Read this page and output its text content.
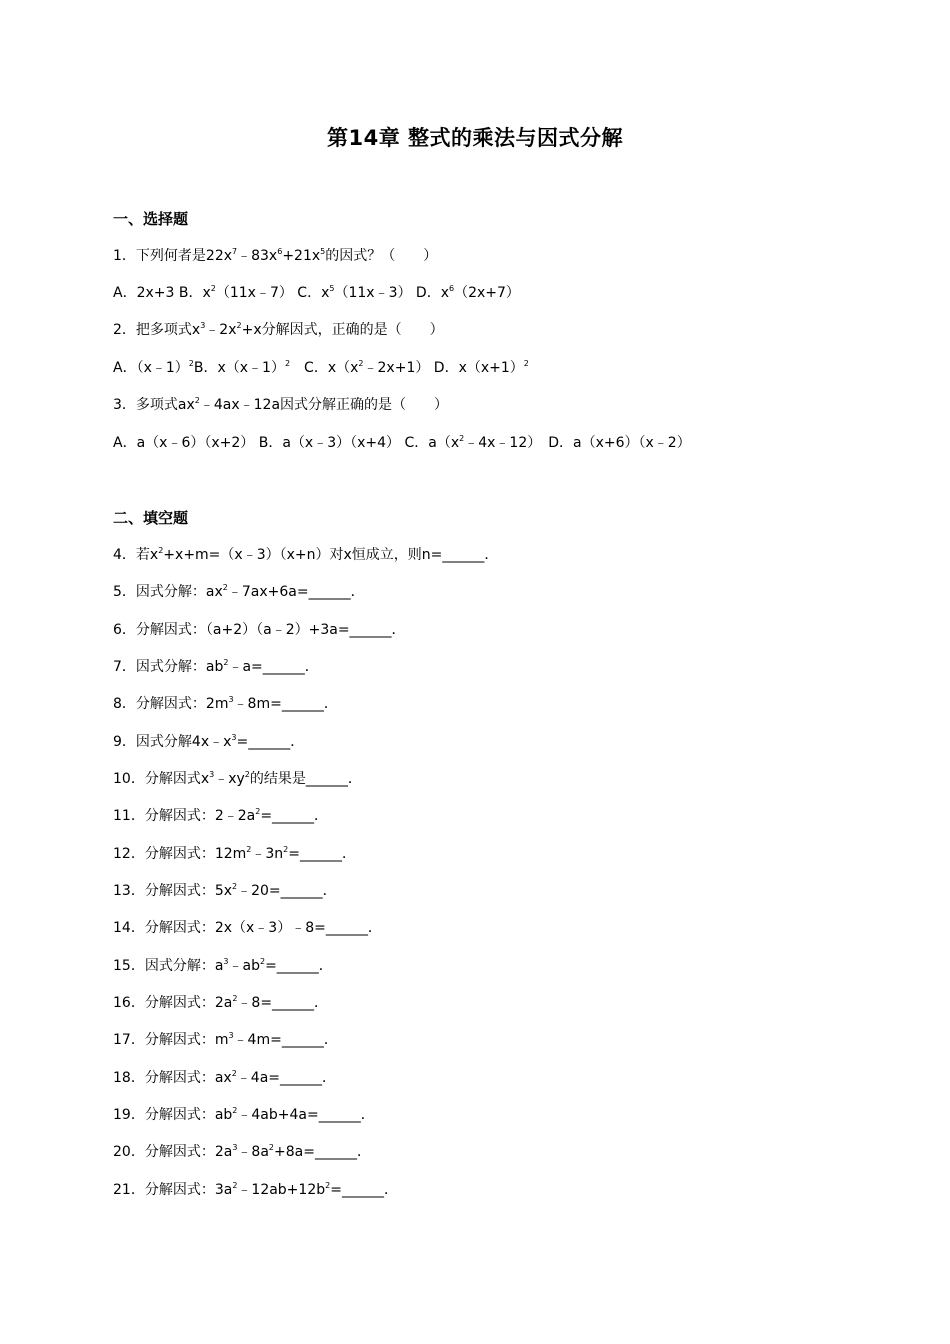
第14章 整式的乘法与因式分解
一、选择题
1．下列何者是$22x^7﹣83x^6+21x^5$的因式？（　　）
A．2x+3 B．$x^2(11x﹣7)$ C．$x^5(11x﹣3)$ D．$x^6(2x+7)$
2．把多项式$x^3﹣2x^2+x$分解因式，正确的是（　　）
A．（x﹣1）$^2$B．x（x﹣1）$^2$　C．$x(x^2﹣2x+1)$ D．$x(x+1)^2$
3．多项式$ax^2﹣4ax﹣12a$因式分解正确的是（　　）
A．a（x﹣6）（x+2） B．a（x﹣3）（x+4） C．$a(x^2﹣4x﹣12)$　D．a（x+6）（x﹣2）
二、填空题
4．若$x^2+x+m=(x﹣3)(x+n)$对x恒成立，则n=______．
5．因式分解：$ax^2﹣7ax+6a=\_\_\_\_\_\_$．
6．分解因式：（a+2）（a﹣2）+3a=______．
7．因式分解：$ab^2﹣a=\_\_\_\_\_\_$．
8．分解因式：$2m^3﹣8m=\_\_\_\_\_\_$．
9．因式分解$4x﹣x^3=\_\_\_\_\_\_$．
10．分解因式$x^3﹣xy^2$的结果是______．
11．分解因式：$2﹣2a^2=\_\_\_\_\_\_$．
12．分解因式：$12m^2﹣3n^2=\_\_\_\_\_\_$．
13．分解因式：$5x^2﹣20=\_\_\_\_\_\_$．
14．分解因式：2x（x﹣3）﹣8=______．
15．因式分解：$a^3﹣ab^2=\_\_\_\_\_\_$．
16．分解因式：$2a^2﹣8=\_\_\_\_\_\_$．
17．分解因式：$m^3﹣4m=\_\_\_\_\_\_$．
18．分解因式：$ax^2﹣4a=\_\_\_\_\_\_$．
19．分解因式：$ab^2﹣4ab+4a=\_\_\_\_\_\_$．
20．分解因式：$2a^3﹣8a^2+8a=\_\_\_\_\_\_$．
21．分解因式：$3a^2﹣12ab+12b^2=\_\_\_\_\_\_$．
